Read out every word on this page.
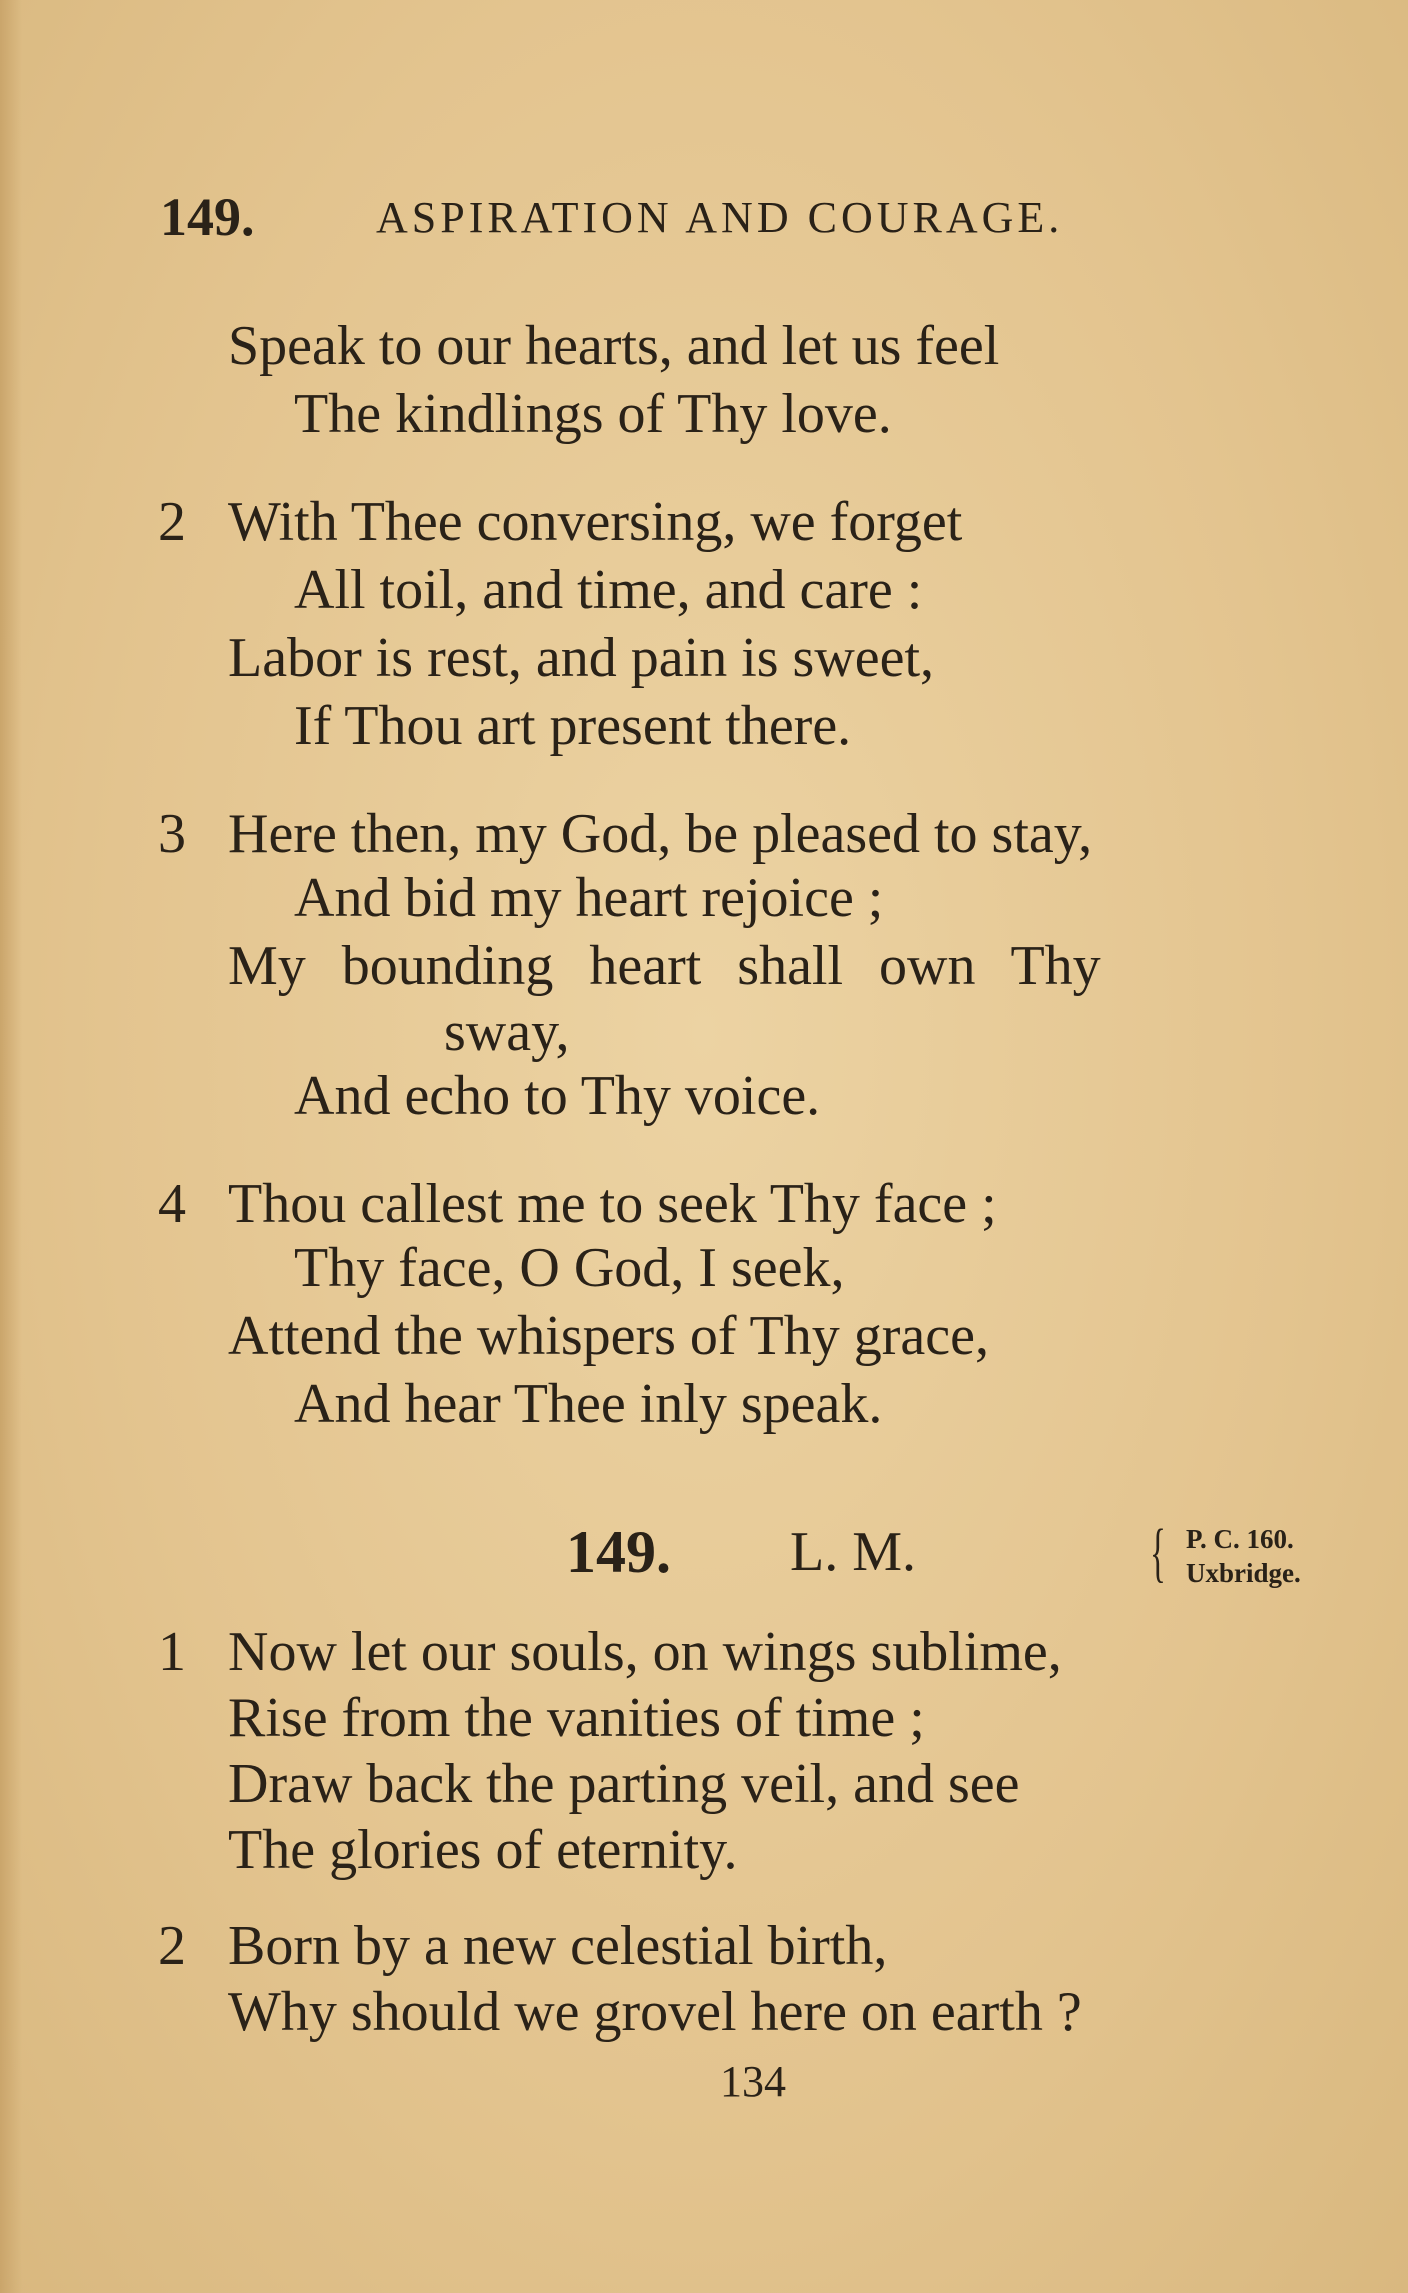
149.	ASPIRATION AND COURAGE.
Speak to our hearts, and let us feel
The kindlings of Thy love.
2 With Thee conversing, we forget
All toil, and time, and care :
Labor is rest, and pain is sweet,
If Thou art present there.
3 Here then, my God, be pleased to stay,
And bid my heart rejoice ;
My bounding heart shall own Thy
sway,
And echo to Thy voice.
4 Thou callest me to seek Thy face ;
Thy face, O God, I seek,
Attend the whispers of Thy grace,
And hear Thee inly speak.
149. L. M.	{ P. C. 160.
Uxbridge.
1 Now let our souls, on wings sublime,
Rise from the vanities of time ;
Draw back the parting veil, and see
The glories of eternity.
2 Born by a new celestial birth,
Why should we grovel here on earth ?
134
